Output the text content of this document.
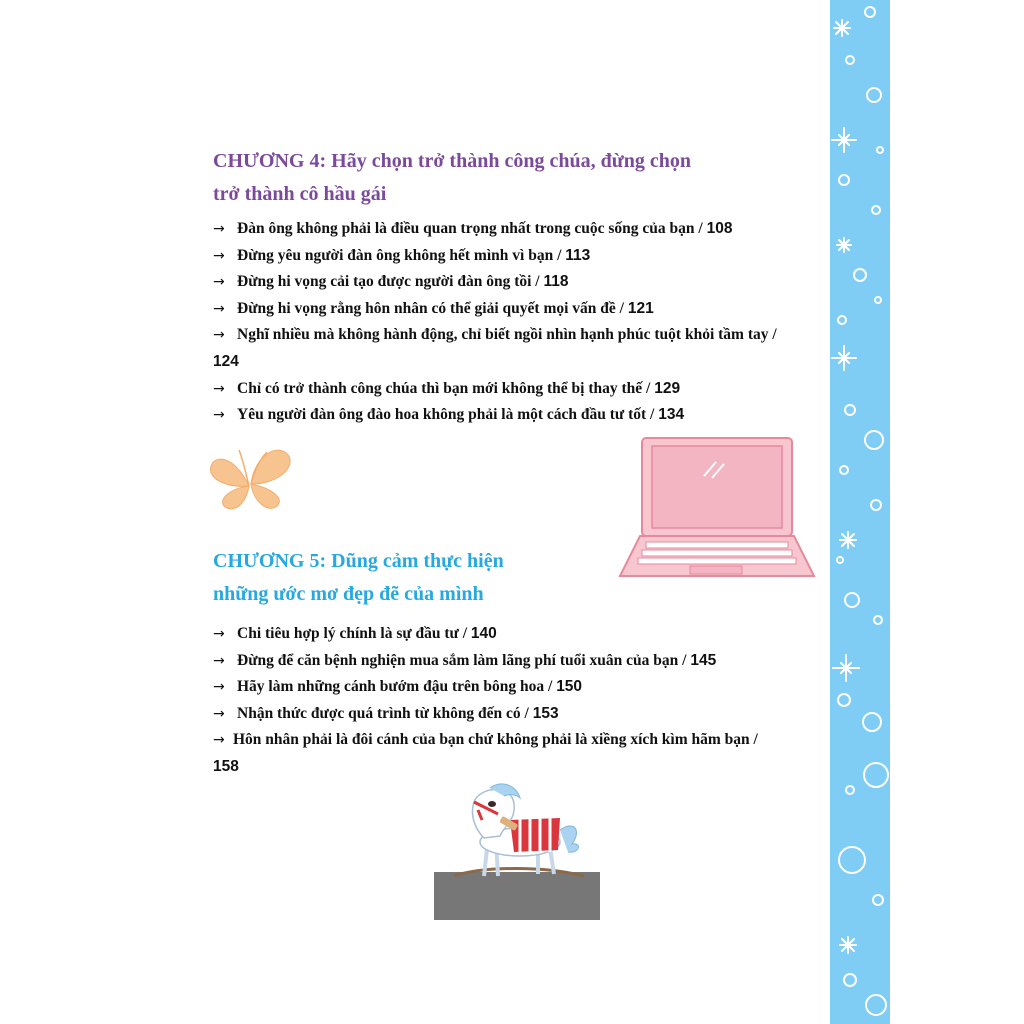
CHƯƠNG 4: Hãy chọn trở thành công chúa, đừng chọn
trở thành cô hầu gái
→ Đàn ông không phải là điều quan trọng nhất trong cuộc sống của bạn / 108
→ Đừng yêu người đàn ông không hết mình vì bạn / 113
→ Đừng hi vọng cải tạo được người đàn ông tồi / 118
→ Đừng hi vọng rằng hôn nhân có thể giải quyết mọi vấn đề / 121
→ Nghĩ nhiều mà không hành động, chỉ biết ngồi nhìn hạnh phúc tuột khỏi tầm tay / 124
→ Chỉ có trở thành công chúa thì bạn mới không thể bị thay thế / 129
→ Yêu người đàn ông đào hoa không phải là một cách đầu tư tốt / 134
CHƯƠNG 5: Dũng cảm thực hiện
những ước mơ đẹp đẽ của mình
→ Chi tiêu hợp lý chính là sự đầu tư / 140
→ Đừng để căn bệnh nghiện mua sắm làm lãng phí tuổi xuân của bạn / 145
→ Hãy làm những cánh bướm đậu trên bông hoa / 150
→ Nhận thức được quá trình từ không đến có / 153
→ Hôn nhân phải là đôi cánh của bạn chứ không phải là xiềng xích kìm hãm bạn / 158
